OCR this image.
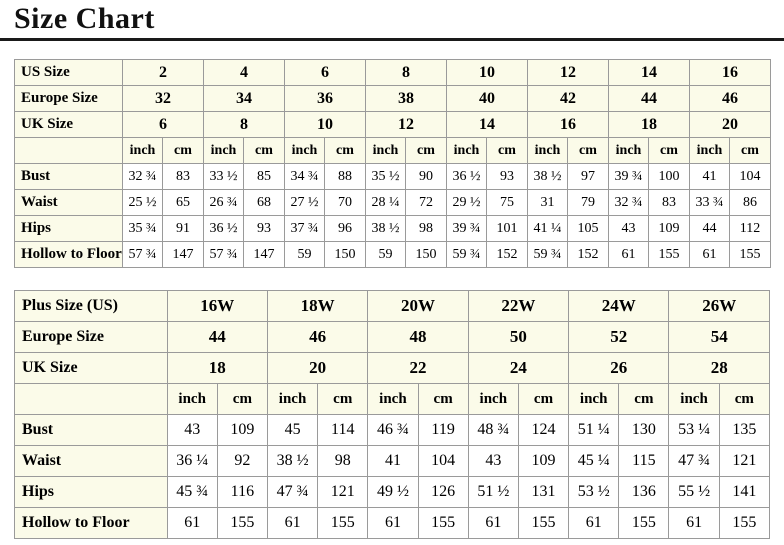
Size Chart
US Size	2		4		6		8		10		12		14		16	
Europe Size	32		34		36		38		40		42		44		46	
UK Size	6		8		10		12		14		16		18		20	
	inch	cm	inch	cm	inch	cm	inch	cm	inch	cm	inch	cm	inch	cm	inch	cm
Bust	32 ¾	83	33 ½	85	34 ¾	88	35 ½	90	36 ½	93	38 ½	97	39 ¾	100	41	104
Waist	25 ½	65	26 ¾	68	27 ½	70	28 ¼	72	29 ½	75	31	79	32 ¾	83	33 ¾	86
Hips	35 ¾	91	36 ½	93	37 ¾	96	38 ½	98	39 ¾	101	41 ¼	105	43	109	44	112
Hollow to Floor	57 ¾	147	57 ¾	147	59	150	59	150	59 ¾	152	59 ¾	152	61	155	61	155
Plus Size (US)	16W		18W		20W		22W		24W		26W	
Europe Size	44		46		48		50		52		54	
UK Size	18		20		22		24		26		28	
	inch	cm	inch	cm	inch	cm	inch	cm	inch	cm	inch	cm
Bust	43	109	45	114	46 ¾	119	48 ¾	124	51 ¼	130	53 ¼	135
Waist	36 ¼	92	38 ½	98	41	104	43	109	45 ¼	115	47 ¾	121
Hips	45 ¾	116	47 ¾	121	49 ½	126	51 ½	131	53 ½	136	55 ½	141
Hollow to Floor	61	155	61	155	61	155	61	155	61	155	61	155
